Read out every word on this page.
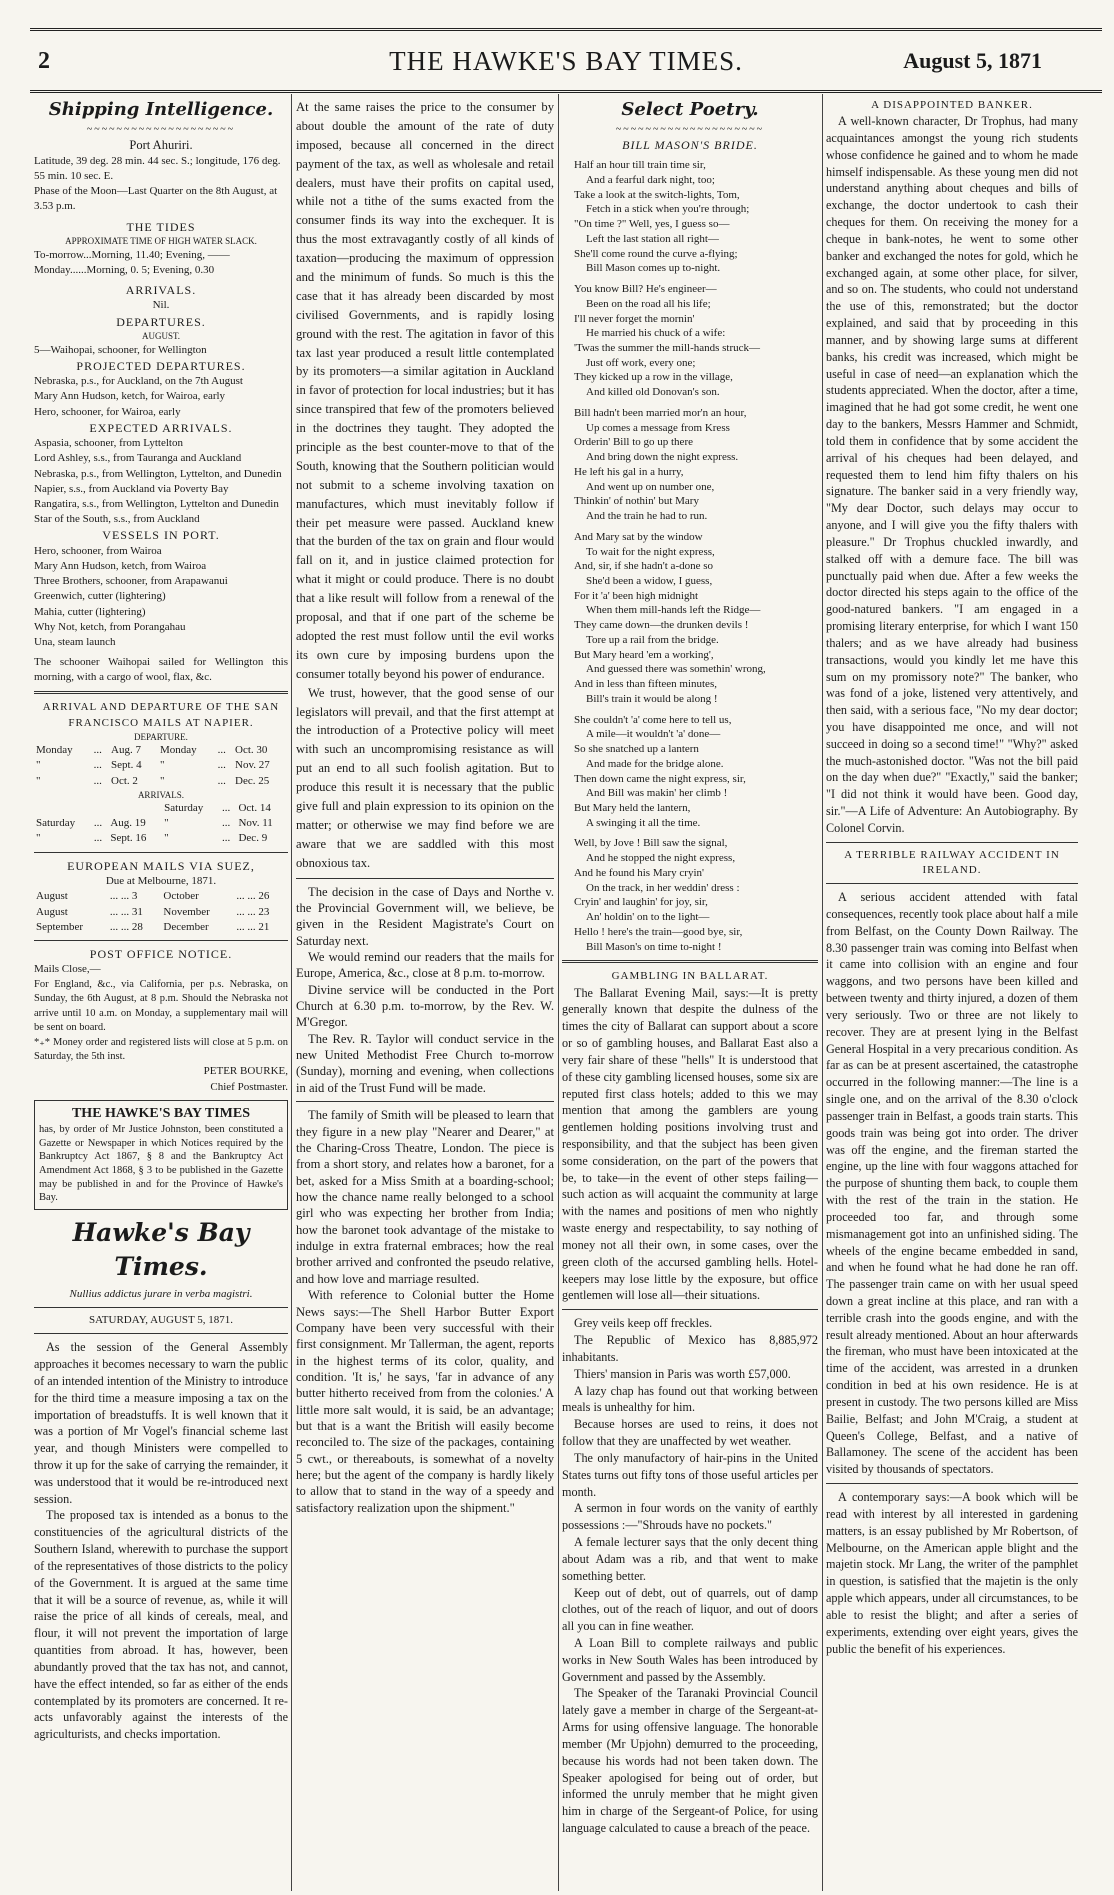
2	THE HAWKE'S BAY TIMES.	August 5, 1871
Shipping Intelligence.
~~~~~~~~~~~~~~~~~~~~
Port Ahuriri.
Latitude, 39 deg. 28 min. 44 sec. S.; longitude, 176 deg. 55 min. 10 sec. E.
Phase of the Moon—Last Quarter on the 8th August, at 3.53 p.m.
THE TIDES
APPROXIMATE TIME OF HIGH WATER SLACK.
To-morrow...Morning, 11.40; Evening, ——
Monday......Morning, 0. 5; Evening, 0.30
ARRIVALS.
Nil.
DEPARTURES.
AUGUST.
5—Waihopai, schooner, for Wellington
PROJECTED DEPARTURES.
Nebraska, p.s., for Auckland, on the 7th August
Mary Ann Hudson, ketch, for Wairoa, early
Hero, schooner, for Wairoa, early
EXPECTED ARRIVALS.
Aspasia, schooner, from Lyttelton
Lord Ashley, s.s., from Tauranga and Auckland
Nebraska, p.s., from Wellington, Lyttelton, and Dunedin
Napier, s.s., from Auckland via Poverty Bay
Rangatira, s.s., from Wellington, Lyttelton and Dunedin
Star of the South, s.s., from Auckland
VESSELS IN PORT.
Hero, schooner, from Wairoa
Mary Ann Hudson, ketch, from Wairoa
Three Brothers, schooner, from Arapawanui
Greenwich, cutter (lightering)
Mahia, cutter (lightering)
Why Not, ketch, from Porangahau
Una, steam launch
The schooner Waihopai sailed for Wellington this morning, with a cargo of wool, flax, &c.
ARRIVAL AND DEPARTURE OF THE SAN FRANCISCO MAILS AT NAPIER.
DEPARTURE.
Monday	...	Aug. 7	Monday	...	Oct. 30
"	...	Sept. 4	"	...	Nov. 27
"	...	Oct. 2	"	...	Dec. 25
ARRIVALS.
			Saturday	...	Oct. 14
Saturday	...	Aug. 19	"	...	Nov. 11
"	...	Sept. 16	"	...	Dec. 9
EUROPEAN MAILS VIA SUEZ,
Due at Melbourne, 1871.
August	... ... 3	October	... ... 26
August	... ... 31	November	... ... 23
September	... ... 28	December	... ... 21
POST OFFICE NOTICE.
Mails Close,—
For England, &c., via California, per p.s. Nebraska, on Sunday, the 6th August, at 8 p.m. Should the Nebraska not arrive until 10 a.m. on Monday, a supplementary mail will be sent on board.
*₊* Money order and registered lists will close at 5 p.m. on Saturday, the 5th inst.
PETER BOURKE,
Chief Postmaster.
THE HAWKE'S BAY TIMES
has, by order of Mr Justice Johnston, been constituted a Gazette or Newspaper in which Notices required by the Bankruptcy Act 1867, § 8 and the Bankruptcy Act Amendment Act 1868, § 3 to be published in the Gazette may be published in and for the Province of Hawke's Bay.
Hawke's Bay Times.
Nullius addictus jurare in verba magistri.
SATURDAY, AUGUST 5, 1871.

As the session of the General Assembly approaches it becomes necessary to warn the public of an intended intention of the Ministry to introduce for the third time a measure imposing a tax on the importation of breadstuffs. It is well known that it was a portion of Mr Vogel's financial scheme last year, and though Ministers were compelled to throw it up for the sake of carrying the remainder, it was understood that it would be re-introduced next session.

The proposed tax is intended as a bonus to the constituencies of the agricultural districts of the Southern Island, wherewith to purchase the support of the representatives of those districts to the policy of the Government. It is argued at the same time that it will be a source of revenue, as, while it will raise the price of all kinds of cereals, meal, and flour, it will not prevent the importation of large quantities from abroad. It has, however, been abundantly proved that the tax has not, and cannot, have the effect intended, so far as either of the ends contemplated by its promoters are concerned. It re-acts unfavorably against the interests of the agriculturists, and checks importation.

At the same raises the price to the consumer by about double the amount of the rate of duty imposed, because all concerned in the direct payment of the tax, as well as wholesale and retail dealers, must have their profits on capital used, while not a tithe of the sums exacted from the consumer finds its way into the exchequer. It is thus the most extravagantly costly of all kinds of taxation—producing the maximum of oppression and the minimum of funds. So much is this the case that it has already been discarded by most civilised Governments, and is rapidly losing ground with the rest. The agitation in favor of this tax last year produced a result little contemplated by its promoters—a similar agitation in Auckland in favor of protection for local industries; but it has since transpired that few of the promoters believed in the doctrines they taught. They adopted the principle as the best counter-move to that of the South, knowing that the Southern politician would not submit to a scheme involving taxation on manufactures, which must inevitably follow if their pet measure were passed. Auckland knew that the burden of the tax on grain and flour would fall on it, and in justice claimed protection for what it might or could produce. There is no doubt that a like result will follow from a renewal of the proposal, and that if one part of the scheme be adopted the rest must follow until the evil works its own cure by imposing burdens upon the consumer totally beyond his power of endurance.

We trust, however, that the good sense of our legislators will prevail, and that the first attempt at the introduction of a Protective policy will meet with such an uncompromising resistance as will put an end to all such foolish agitation. But to produce this result it is necessary that the public give full and plain expression to its opinion on the matter; or otherwise we may find before we are aware that we are saddled with this most obnoxious tax.

The decision in the case of Days and Northe v. the Provincial Government will, we believe, be given in the Resident Magistrate's Court on Saturday next.

We would remind our readers that the mails for Europe, America, &c., close at 8 p.m. to-morrow.

Divine service will be conducted in the Port Church at 6.30 p.m. to-morrow, by the Rev. W. M'Gregor.

The Rev. R. Taylor will conduct service in the new United Methodist Free Church to-morrow (Sunday), morning and evening, when collections in aid of the Trust Fund will be made.

The family of Smith will be pleased to learn that they figure in a new play "Nearer and Dearer," at the Charing-Cross Theatre, London. The piece is from a short story, and relates how a baronet, for a bet, asked for a Miss Smith at a boarding-school; how the chance name really belonged to a school girl who was expecting her brother from India; how the baronet took advantage of the mistake to indulge in extra fraternal embraces; how the real brother arrived and confronted the pseudo relative, and how love and marriage resulted.

With reference to Colonial butter the Home News says:—The Shell Harbor Butter Export Company have been very successful with their first consignment. Mr Tallerman, the agent, reports in the highest terms of its color, quality, and condition. 'It is,' he says, 'far in advance of any butter hitherto received from from the colonies.' A little more salt would, it is said, be an advantage; but that is a want the British will easily become reconciled to. The size of the packages, containing 5 cwt., or thereabouts, is somewhat of a novelty here; but the agent of the company is hardly likely to allow that to stand in the way of a speedy and satisfactory realization upon the shipment."

Select Poetry.
~~~~~~~~~~~~~~~~~~~~
BILL MASON'S BRIDE.
Half an hour till train time sir,

And a fearful dark night, too;
Take a look at the switch-lights, Tom,

Fetch in a stick when you're through;
"On time ?" Well, yes, I guess so—

Left the last station all right—
She'll come round the curve a-flying;

Bill Mason comes up to-night.
You know Bill? He's engineer—

Been on the road all his life;
I'll never forget the mornin'

He married his chuck of a wife:
'Twas the summer the mill-hands struck—

Just off work, every one;
They kicked up a row in the village,

And killed old Donovan's son.
Bill hadn't been married mor'n an hour,

Up comes a message from Kress
Orderin' Bill to go up there

And bring down the night express.
He left his gal in a hurry,

And went up on number one,
Thinkin' of nothin' but Mary

And the train he had to run.
And Mary sat by the window

To wait for the night express,
And, sir, if she hadn't a-done so

She'd been a widow, I guess,
For it 'a' been high midnight

When them mill-hands left the Ridge—
They came down—the drunken devils !

Tore up a rail from the bridge.
But Mary heard 'em a working',

And guessed there was somethin' wrong,
And in less than fifteen minutes,

Bill's train it would be along !
She couldn't 'a' come here to tell us,

A mile—it wouldn't 'a' done—
So she snatched up a lantern

And made for the bridge alone.
Then down came the night express, sir,

And Bill was makin' her climb !
But Mary held the lantern,

A swinging it all the time.
Well, by Jove ! Bill saw the signal,

And he stopped the night express,
And he found his Mary cryin'

On the track, in her weddin' dress :
Cryin' and laughin' for joy, sir,

An' holdin' on to the light—
Hello ! here's the train—good bye, sir,

Bill Mason's on time to-night !
GAMBLING IN BALLARAT.

The Ballarat Evening Mail, says:—It is pretty generally known that despite the dulness of the times the city of Ballarat can support about a score or so of gambling houses, and Ballarat East also a very fair share of these "hells" It is understood that of these city gambling licensed houses, some six are reputed first class hotels; added to this we may mention that among the gamblers are young gentlemen holding positions involving trust and responsibility, and that the subject has been given some consideration, on the part of the powers that be, to take—in the event of other steps failing—such action as will acquaint the community at large with the names and positions of men who nightly waste energy and respectability, to say nothing of money not all their own, in some cases, over the green cloth of the accursed gambling hells. Hotel-keepers may lose little by the exposure, but office gentlemen will lose all—their situations.

Grey veils keep off freckles.

The Republic of Mexico has 8,885,972 inhabitants.

Thiers' mansion in Paris was worth £57,000.

A lazy chap has found out that working between meals is unhealthy for him.

Because horses are used to reins, it does not follow that they are unaffected by wet weather.

The only manufactory of hair-pins in the United States turns out fifty tons of those useful articles per month.

A sermon in four words on the vanity of earthly possessions :—"Shrouds have no pockets."

A female lecturer says that the only decent thing about Adam was a rib, and that went to make something better.

Keep out of debt, out of quarrels, out of damp clothes, out of the reach of liquor, and out of doors all you can in fine weather.

A Loan Bill to complete railways and public works in New South Wales has been introduced by Government and passed by the Assembly.

The Speaker of the Taranaki Provincial Council lately gave a member in charge of the Sergeant-at-Arms for using offensive language. The honorable member (Mr Upjohn) demurred to the proceeding, because his words had not been taken down. The Speaker apologised for being out of order, but informed the unruly member that he might given him in charge of the Sergeant-of Police, for using language calculated to cause a breach of the peace.

A DISAPPOINTED BANKER.

A well-known character, Dr Trophus, had many acquaintances amongst the young rich students whose confidence he gained and to whom he made himself indispensable. As these young men did not understand anything about cheques and bills of exchange, the doctor undertook to cash their cheques for them. On receiving the money for a cheque in bank-notes, he went to some other banker and exchanged the notes for gold, which he exchanged again, at some other place, for silver, and so on. The students, who could not understand the use of this, remonstrated; but the doctor explained, and said that by proceeding in this manner, and by showing large sums at different banks, his credit was increased, which might be useful in case of need—an explanation which the students appreciated. When the doctor, after a time, imagined that he had got some credit, he went one day to the bankers, Messrs Hammer and Schmidt, told them in confidence that by some accident the arrival of his cheques had been delayed, and requested them to lend him fifty thalers on his signature. The banker said in a very friendly way, "My dear Doctor, such delays may occur to anyone, and I will give you the fifty thalers with pleasure." Dr Trophus chuckled inwardly, and stalked off with a demure face. The bill was punctually paid when due. After a few weeks the doctor directed his steps again to the office of the good-natured bankers. "I am engaged in a promising literary enterprise, for which I want 150 thalers; and as we have already had business transactions, would you kindly let me have this sum on my promissory note?" The banker, who was fond of a joke, listened very attentively, and then said, with a serious face, "No my dear doctor; you have disappointed me once, and will not succeed in doing so a second time!" "Why?" asked the much-astonished doctor. "Was not the bill paid on the day when due?" "Exactly," said the banker; "I did not think it would have been. Good day, sir."—A Life of Adventure: An Autobiography. By Colonel Corvin.

A TERRIBLE RAILWAY ACCIDENT IN IRELAND.

A serious accident attended with fatal consequences, recently took place about half a mile from Belfast, on the County Down Railway. The 8.30 passenger train was coming into Belfast when it came into collision with an engine and four waggons, and two persons have been killed and between twenty and thirty injured, a dozen of them very seriously. Two or three are not likely to recover. They are at present lying in the Belfast General Hospital in a very precarious condition. As far as can be at present ascertained, the catastrophe occurred in the following manner:—The line is a single one, and on the arrival of the 8.30 o'clock passenger train in Belfast, a goods train starts. This goods train was being got into order. The driver was off the engine, and the fireman started the engine, up the line with four waggons attached for the purpose of shunting them back, to couple them with the rest of the train in the station. He proceeded too far, and through some mismanagement got into an unfinished siding. The wheels of the engine became embedded in sand, and when he found what he had done he ran off. The passenger train came on with her usual speed down a great incline at this place, and ran with a terrible crash into the goods engine, and with the result already mentioned. About an hour afterwards the fireman, who must have been intoxicated at the time of the accident, was arrested in a drunken condition in bed at his own residence. He is at present in custody. The two persons killed are Miss Bailie, Belfast; and John M'Craig, a student at Queen's College, Belfast, and a native of Ballamoney. The scene of the accident has been visited by thousands of spectators.

A contemporary says:—A book which will be read with interest by all interested in gardening matters, is an essay published by Mr Robertson, of Melbourne, on the American apple blight and the majetin stock. Mr Lang, the writer of the pamphlet in question, is satisfied that the majetin is the only apple which appears, under all circumstances, to be able to resist the blight; and after a series of experiments, extending over eight years, gives the public the benefit of his experiences.
